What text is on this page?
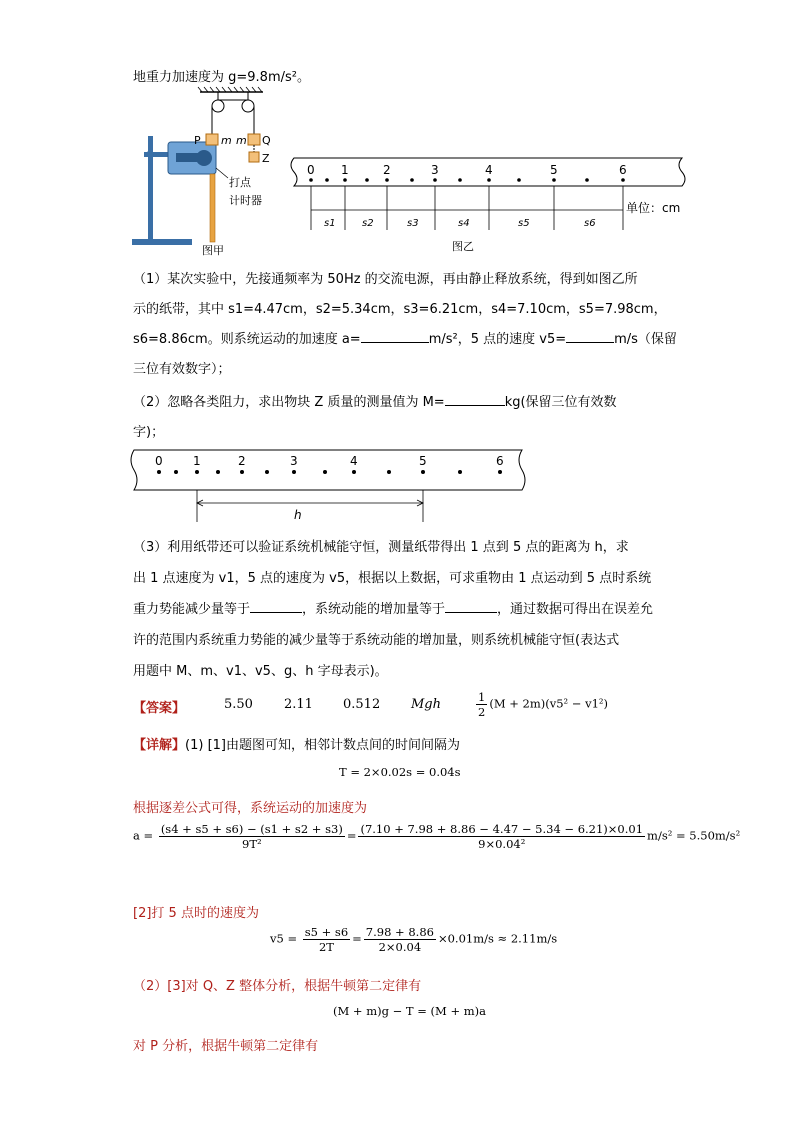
地重力加速度为 g=9.8m/s²。
P m m Q
Z
打点
计时器
图甲
0 1	2	3	4	5	6
s1	s2	s3	s4	s5	s6
单位：cm
图乙
（1）某次实验中，先接通频率为 50Hz 的交流电源，再由静止释放系统，得到如图乙所
示的纸带，其中 s1=4.47cm，s2=5.34cm，s3=6.21cm，s4=7.10cm，s5=7.98cm，
s6=8.86cm。则系统运动的加速度 a=	m/s²，5 点的速度 v5=	m/s（保留
三位有效数字）；
（2）忽略各类阻力，求出物块 Z 质量的测量值为 M=	kg(保留三位有效数
字)；
0	1	2	3	4	5	6
h
（3）利用纸带还可以验证系统机械能守恒，测量纸带得出 1 点到 5 点的距离为 h，求
出 1 点速度为 v1，5 点的速度为 v5，根据以上数据，可求重物由 1 点运动到 5 点时系统
重力势能减少量等于	，系统动能的增加量等于	，通过数据可得出在误差允
许的范围内系统重力势能的减少量等于系统动能的增加量，则系统机械能守恒(表达式
用题中 M、m、v1、v5、g、h 字母表示)。
【答案】	5.50 2.11 0.512 Mgh	$\frac{1}{2} (M + 2m)(v5^2 - v1^2)$
【详解】(1) [1]由题图可知，相邻计数点间的时间间隔为
T = 2×0.02s = 0.04s
根据逐差公式可得，系统运动的加速度为
$a = \frac{(s4 + s5 + s6) - (s1 + s2 + s3)}{\text{9T²}} = \frac{(7.10 + 7.98 + 8.86 - 4.47 - 5.34 - 6.21)\times 0.01}{\text{9×0.04²}} m/s^2 = 5.50m/s^2$
[2]打 5 点时的速度为
$v5 = \frac{s5 + s6}{2T} = \frac{7.98 + 8.86}{2\times 0.04} \times 0.01m/s \approx 2.11m/s$
（2）[3]对 Q、Z 整体分析，根据牛顿第二定律有
(M + m)g − T = (M + m)a
对 P 分析，根据牛顿第二定律有
